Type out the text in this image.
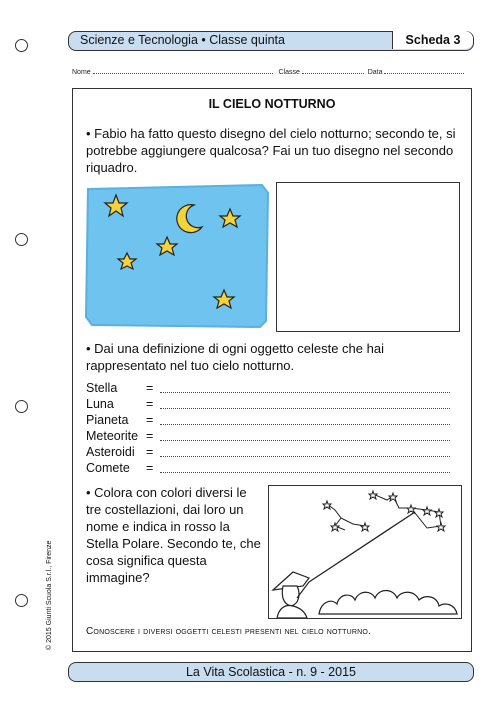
Scienze e Tecnologia • Classe quinta	Scheda 3
Nome	Classe	Data
IL CIELO NOTTURNO
• Fabio ha fatto questo disegno del cielo notturno; secondo te, si potrebbe aggiungere qualcosa? Fai un tuo disegno nel secondo riquadro.
• Dai una definizione di ogni oggetto celeste che hai rappresentato nel tuo cielo notturno.
Stella	=
Luna	=
Pianeta	=
Meteorite =
Asteroidi =
Comete	=
• Colora con colori diversi le tre costellazioni, dai loro un nome e indica in rosso la Stella Polare. Secondo te, che cosa significa questa immagine?
Conoscere i diversi oggetti celesti presenti nel cielo notturno.
© 2015 Giunti Scuola S.r.l., Firenze
La Vita Scolastica - n. 9 - 2015
